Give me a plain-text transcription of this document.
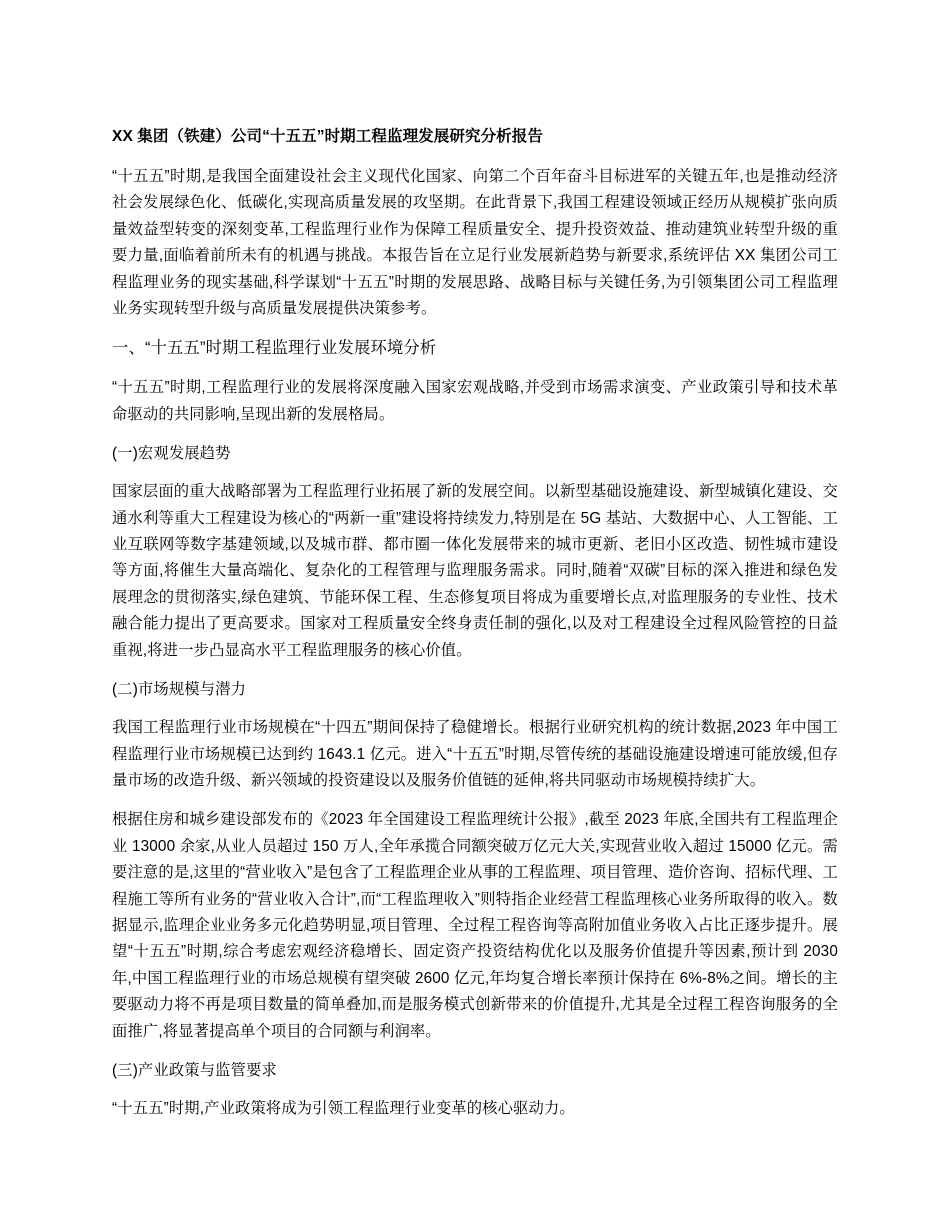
XX 集团（铁建）公司“十五五”时期工程监理发展研究分析报告

“十五五”时期,是我国全面建设社会主义现代化国家、向第二个百年奋斗目标进军的关键五年,也是推动经济社会发展绿色化、低碳化,实现高质量发展的攻坚期。在此背景下,我国工程建设领域正经历从规模扩张向质量效益型转变的深刻变革,工程监理行业作为保障工程质量安全、提升投资效益、推动建筑业转型升级的重要力量,面临着前所未有的机遇与挑战。本报告旨在立足行业发展新趋势与新要求,系统评估 XX 集团公司工程监理业务的现实基础,科学谋划“十五五”时期的发展思路、战略目标与关键任务,为引领集团公司工程监理业务实现转型升级与高质量发展提供决策参考。

一、“十五五”时期工程监理行业发展环境分析

“十五五”时期,工程监理行业的发展将深度融入国家宏观战略,并受到市场需求演变、产业政策引导和技术革命驱动的共同影响,呈现出新的发展格局。

(一)宏观发展趋势

国家层面的重大战略部署为工程监理行业拓展了新的发展空间。以新型基础设施建设、新型城镇化建设、交通水利等重大工程建设为核心的“两新一重”建设将持续发力,特别是在 5G 基站、大数据中心、人工智能、工业互联网等数字基建领域,以及城市群、都市圈一体化发展带来的城市更新、老旧小区改造、韧性城市建设等方面,将催生大量高端化、复杂化的工程管理与监理服务需求。同时,随着“双碳”目标的深入推进和绿色发展理念的贯彻落实,绿色建筑、节能环保工程、生态修复项目将成为重要增长点,对监理服务的专业性、技术融合能力提出了更高要求。国家对工程质量安全终身责任制的强化,以及对工程建设全过程风险管控的日益重视,将进一步凸显高水平工程监理服务的核心价值。

(二)市场规模与潜力

我国工程监理行业市场规模在“十四五”期间保持了稳健增长。根据行业研究机构的统计数据,2023 年中国工程监理行业市场规模已达到约 1643.1 亿元。进入“十五五”时期,尽管传统的基础设施建设增速可能放缓,但存量市场的改造升级、新兴领域的投资建设以及服务价值链的延伸,将共同驱动市场规模持续扩大。

根据住房和城乡建设部发布的《2023 年全国建设工程监理统计公报》,截至 2023 年底,全国共有工程监理企业 13000 余家,从业人员超过 150 万人,全年承揽合同额突破万亿元大关,实现营业收入超过 15000 亿元。需要注意的是,这里的“营业收入”是包含了工程监理企业从事的工程监理、项目管理、造价咨询、招标代理、工程施工等所有业务的“营业收入合计”,而“工程监理收入”则特指企业经营工程监理核心业务所取得的收入。数据显示,监理企业业务多元化趋势明显,项目管理、全过程工程咨询等高附加值业务收入占比正逐步提升。展望“十五五”时期,综合考虑宏观经济稳增长、固定资产投资结构优化以及服务价值提升等因素,预计到 2030 年,中国工程监理行业的市场总规模有望突破 2600 亿元,年均复合增长率预计保持在 6%-8%之间。增长的主要驱动力将不再是项目数量的简单叠加,而是服务模式创新带来的价值提升,尤其是全过程工程咨询服务的全面推广,将显著提高单个项目的合同额与利润率。

(三)产业政策与监管要求

“十五五”时期,产业政策将成为引领工程监理行业变革的核心驱动力。
